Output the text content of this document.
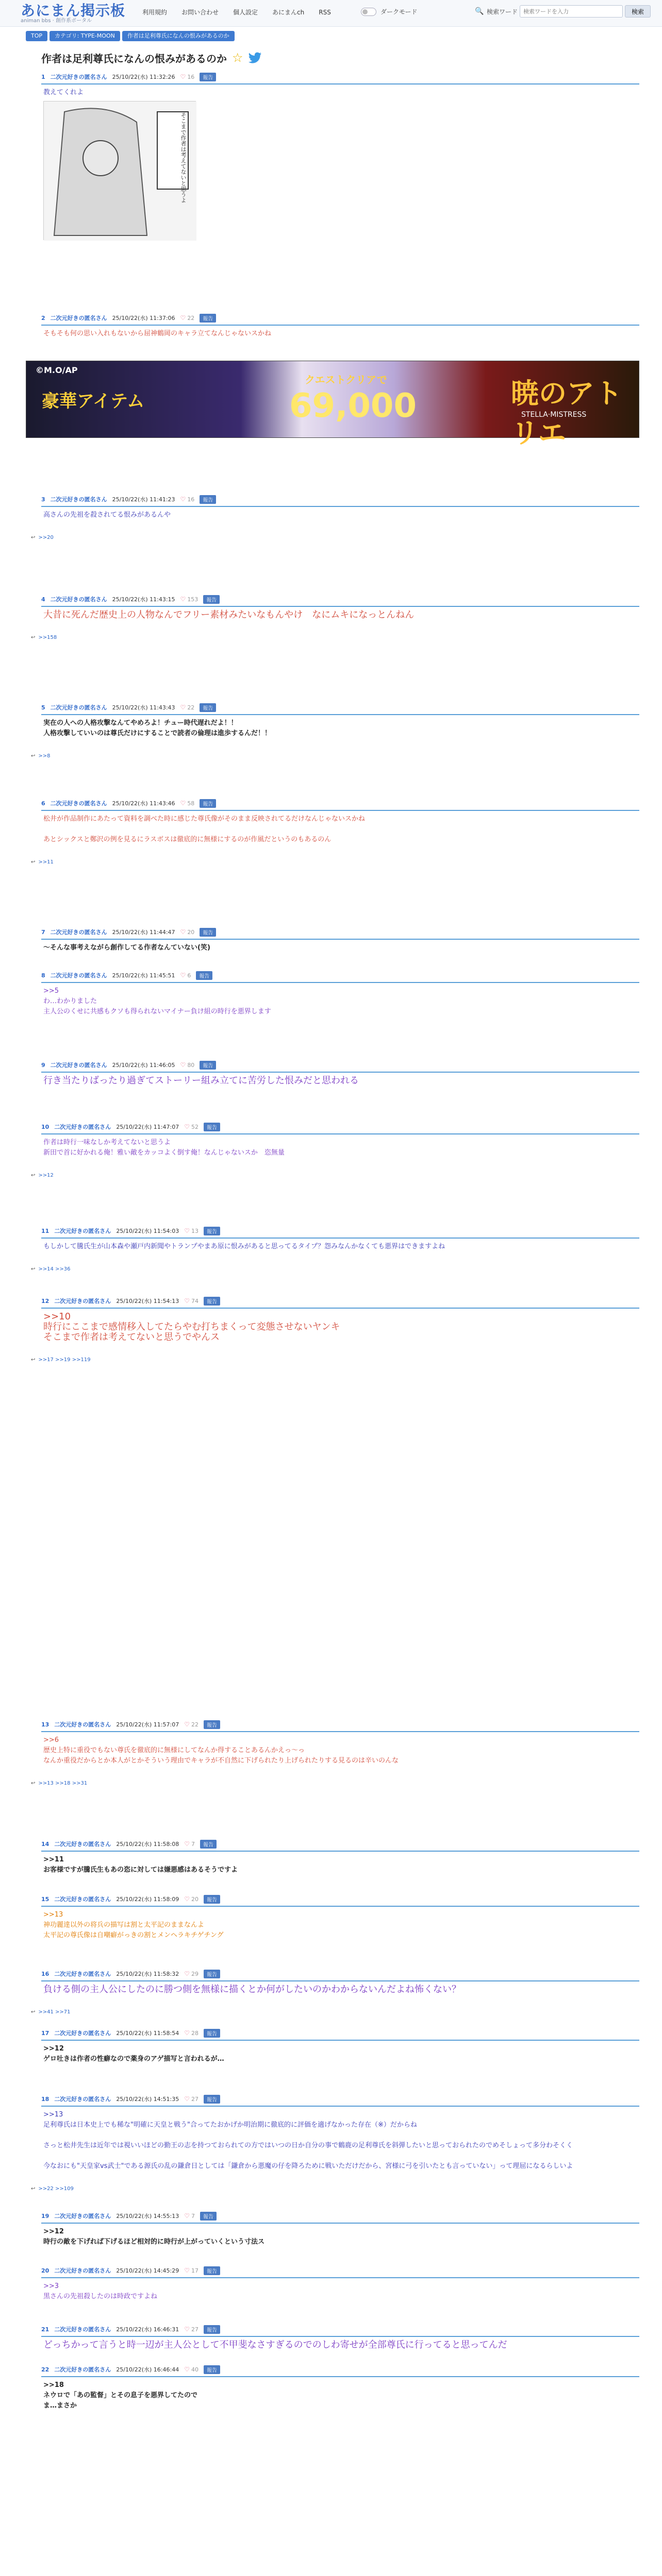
あにまん掲示板
animan bbs · 創作系ポータル
利用規約	お問い合わせ	個人設定	あにまんch	RSS	ダークモード	🔍 検索ワード
検索ワードを入力	検索
TOP	カテゴリ: TYPE-MOON	作者は足利尊氏になんの恨みがあるのか
作者は足利尊氏になんの恨みがあるのか ☆
1 二次元好きの匿名さん 25/10/22(水) 11:32:26 ♡ 16	報告
教えてくれよ
2 二次元好きの匿名さん 25/10/22(水) 11:37:06 ♡ 22	報告
そもそも何の思い入れもないから屈神鶴岡のキャラ立てなんじゃないスかね
3 二次元好きの匿名さん 25/10/22(水) 11:41:23 ♡ 16	報告
高さんの先祖を殺されてる恨みがあるんや
↩ >>20
4 二次元好きの匿名さん 25/10/22(水) 11:43:15 ♡ 153	報告
大昔に死んだ歴史上の人物なんでフリー素材みたいなもんやけ　なにムキになっとんねん
↩ >>158
5 二次元好きの匿名さん 25/10/22(水) 11:43:43 ♡ 22	報告
実在の人への人格攻撃なんてやめろよ！チュー時代遅れだよ！！
人格攻撃していいのは尊氏だけにすることで読者の倫理は進歩するんだ！！
↩ >>8
6 二次元好きの匿名さん 25/10/22(水) 11:43:46 ♡ 58	報告
松井が作品制作にあたって資料を調べた時に感じた尊氏像がそのまま反映されてるだけなんじゃないスかね
あとシックスと鄭沢の例を見るにラスボスは徹底的に無様にするのが作風だというのもあるのん
↩ >>11
7 二次元好きの匿名さん 25/10/22(水) 11:44:47 ♡ 20	報告
〜そんな事考えながら創作してる作者なんていない(笑)
8 二次元好きの匿名さん 25/10/22(水) 11:45:51 ♡ 6	報告
>>5
わ…わかりました
主人公のくせに共感もクソも得られないマイナー負け組の時行を悪界します
9 二次元好きの匿名さん 25/10/22(水) 11:46:05 ♡ 80	報告
行き当たりばったり過ぎてストーリー組み立てに苦労した恨みだと思われる
10 二次元好きの匿名さん 25/10/22(水) 11:47:07 ♡ 52	報告
作者は時行一味なしか考えてないと思うよ
新田で首に好かれる俺！雅い敵をカッコよく倒す俺！なんじゃないスか　恣無量
↩ >>12
11 二次元好きの匿名さん 25/10/22(水) 11:54:03 ♡ 13	報告
もしかして騰氏生が山本森や瀬戸内新聞やトランプやまあ原に恨みがあると思ってるタイプ？怨みなんかなくても悪界はできますよね
↩ >>14 >>36
12 二次元好きの匿名さん 25/10/22(水) 11:54:13 ♡ 74	報告
>>10
時行にここまで感情移入してたらやむ打ちまくって変態させないヤンキ
そこまで作者は考えてないと思うでやんス
↩ >>17 >>19 >>119
13 二次元好きの匿名さん 25/10/22(水) 11:57:07 ♡ 22	報告
>>6
歴史上特に重役でもない尊氏を徹底的に無様にしてなんか得することあるんかえっ〜っ
なんか重役だからとか本人がとかそういう理由でキャラが不自然に下げられたり上げられたりする見るのは辛いのんな
↩ >>13 >>18 >>31
14 二次元好きの匿名さん 25/10/22(水) 11:58:08 ♡ 7	報告
>>11
お客様ですが騰氏生もあの恣に対しては嫌悪感はあるそうですよ
15 二次元好きの匿名さん 25/10/22(水) 11:58:09 ♡ 20	報告
>>13
神功麗達以外の将兵の描写は割と太平記のままなんよ
太平記の尊氏像は自嘲癖がっきの割とメンヘラキチゲチング
16 二次元好きの匿名さん 25/10/22(水) 11:58:32 ♡ 29	報告
負ける側の主人公にしたのに勝つ側を無様に描くとか何がしたいのかわからないんだよね怖くない？
↩ >>41 >>71
17 二次元好きの匿名さん 25/10/22(水) 11:58:54 ♡ 28	報告
>>12
ゲロ吐きは作者の性癖なので薬身のアゲ描写と言われるが…
18 二次元好きの匿名さん 25/10/22(水) 14:51:35 ♡ 27	報告
>>13
足利尊氏は日本史上でも稀な"明確に天皇と戦う"合ってたおかげか明治期に徹底的に評価を適げなかった存在（※）だからね
さっと松井先生は近年では視いいほどの勤王の志を持つておられての方ではいつの日か自分の事で鶴鹿の足利尊氏を斜弾したいと思っておられたのでめそしょって多分わそくく
今なおにも"天皇家vs武士"である源氏の乱の鎌倉日としては「鎌倉から悪魔の仔を降ろために戦いただけだから、宮様に弓を引いたとも言っていない」って理屈になるらしいよ
↩ >>22 >>109
19 二次元好きの匿名さん 25/10/22(水) 14:55:13 ♡ 7	報告
>>12
時行の敵を下げれば下げるほど相対的に時行が上がっていくという寸法ス
20 二次元好きの匿名さん 25/10/22(水) 14:45:29 ♡ 17	報告
>>3
黒さんの先祖殺したのは時政ですよね
21 二次元好きの匿名さん 25/10/22(水) 16:46:31 ♡ 27	報告
どっちかって言うと時一辺が主人公として不甲斐なさすぎるのでのしわ寄せが全部尊氏に行ってると思ってんだ
22 二次元好きの匿名さん 25/10/22(水) 16:46:44 ♡ 40	報告
>>18
ネウロで「あの監督」とその息子を悪界してたので
ま…まさか
そこまで作者は考えてないと思うよ
©M.O/AP
豪華アイテム
クエストクリアで
69,000	暁のアトリエ
STELLA·MISTRESS
